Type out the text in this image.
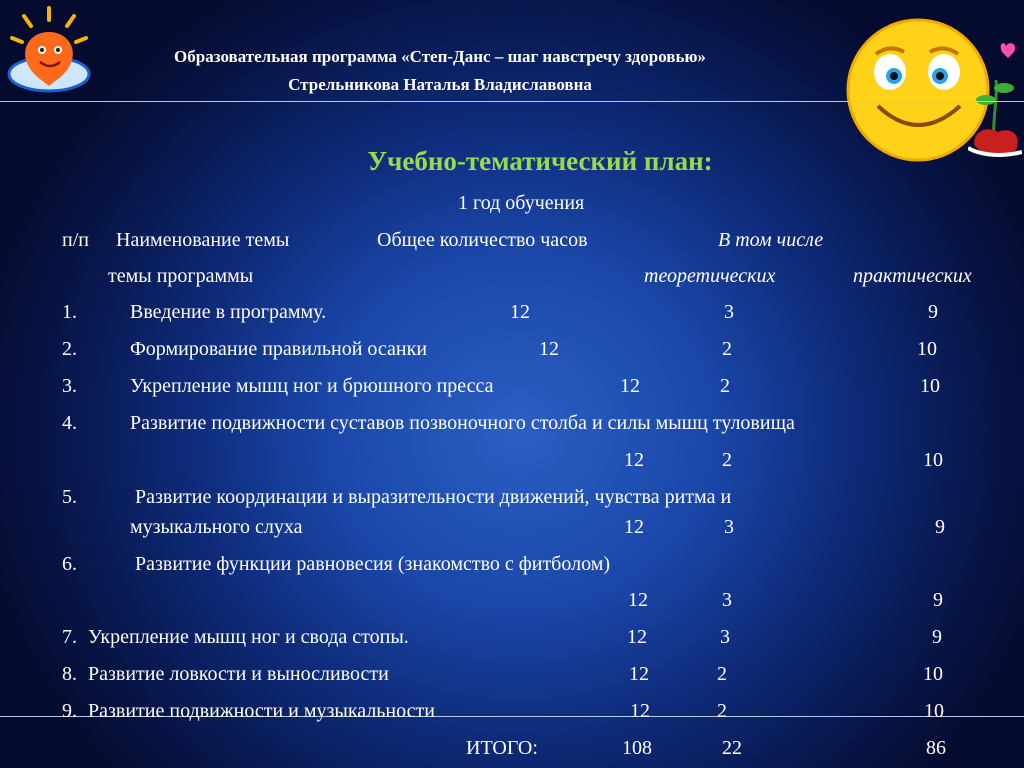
Образовательная программа «Степ-Данс – шаг навстречу здоровью»
Стрельникова Наталья Владиславовна
Учебно-тематический план:
1 год обучения
п/п Наименование темы	Общее количество часов	В том числе
темы программы	теоретических	практических
1.	Введение в программу.	12	3	9
2.	Формирование правильной осанки	12	2	10
3.	Укрепление мышц ног и брюшного пресса	12	2	10
4.	Развитие подвижности суставов позвоночного столба и силы мышц туловища
12	2	10
5.	Развитие координации и выразительности движений, чувства ритма и
музыкального слуха	12	3	9
6.	Развитие функции равновесия (знакомство с фитболом)
12	3	9
7. Укрепление мышц ног и свода стопы.	12	3	9
8. Развитие ловкости и выносливости	12	2	10
9. Развитие подвижности и музыкальности	12	2	10
ИТОГО:	108	22	86
